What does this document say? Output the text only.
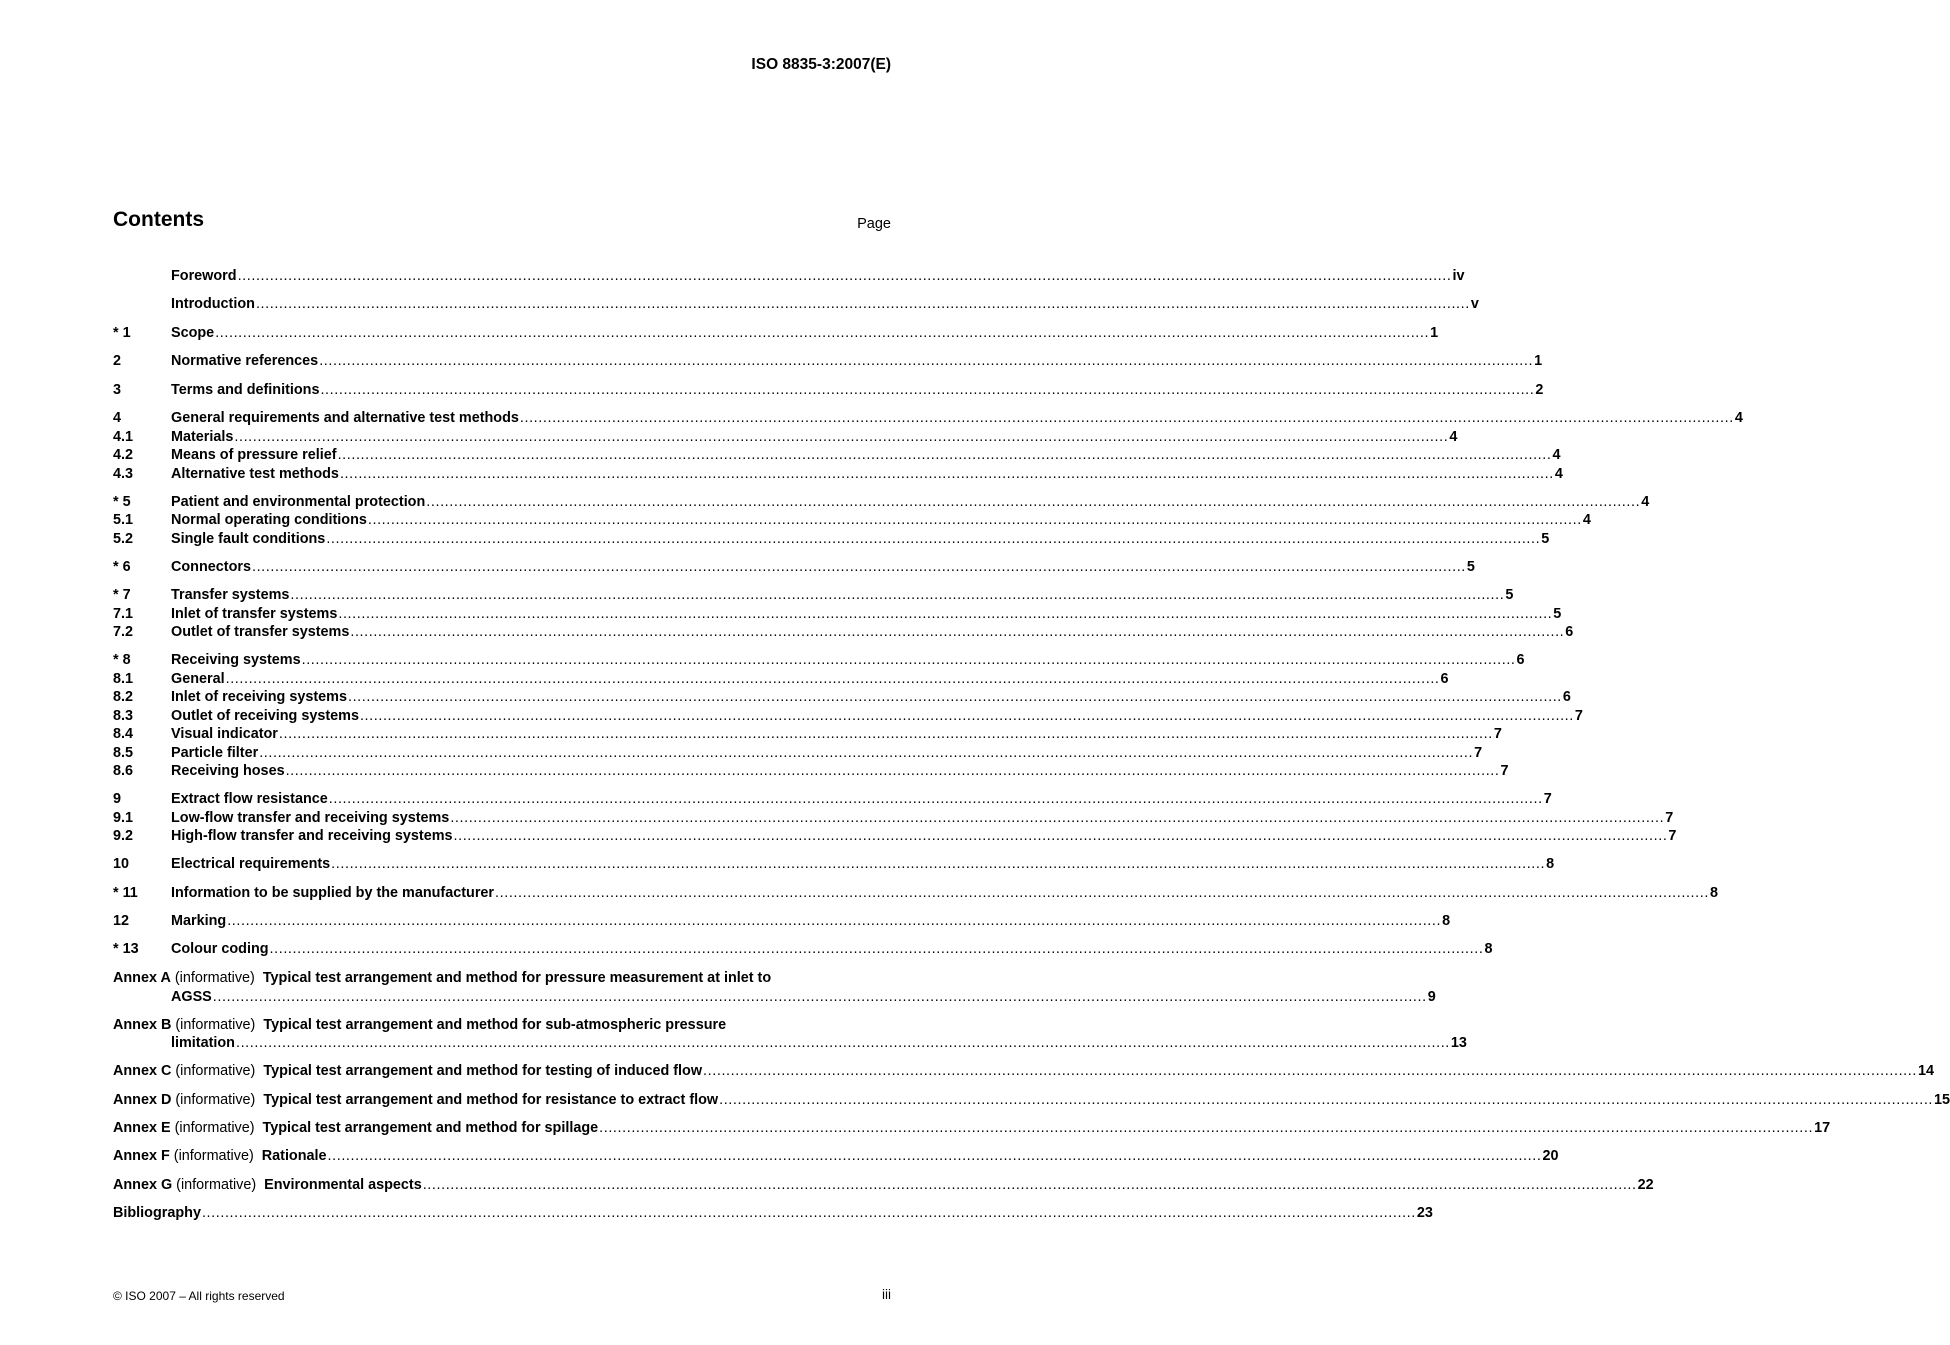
ISO 8835-3:2007(E)
Contents	Page
Foreword .....	iv
Introduction .....	v
* 1	Scope .....	1
2	Normative references .....	1
3	Terms and definitions .....	2
4	General requirements and alternative test methods .....	4
4.1	Materials .....	4
4.2	Means of pressure relief .....	4
4.3	Alternative test methods .....	4
* 5	Patient and environmental protection .....	4
5.1	Normal operating conditions .....	4
5.2	Single fault conditions .....	5
* 6	Connectors .....	5
* 7	Transfer systems .....	5
7.1	Inlet of transfer systems .....	5
7.2	Outlet of transfer systems .....	6
* 8	Receiving systems .....	6
8.1	General .....	6
8.2	Inlet of receiving systems .....	6
8.3	Outlet of receiving systems .....	7
8.4	Visual indicator .....	7
8.5	Particle filter .....	7
8.6	Receiving hoses .....	7
9	Extract flow resistance .....	7
9.1	Low-flow transfer and receiving systems .....	7
9.2	High-flow transfer and receiving systems .....	7
10	Electrical requirements .....	8
* 11	Information to be supplied by the manufacturer .....	8
12	Marking .....	8
* 13	Colour coding .....	8
Annex A (informative) Typical test arrangement and method for pressure measurement at inlet to
AGSS .....	9
Annex B (informative) Typical test arrangement and method for sub-atmospheric pressure
limitation .....	13
Annex C (informative) Typical test arrangement and method for testing of induced flow .....	14
Annex D (informative) Typical test arrangement and method for resistance to extract flow .....	15
Annex E (informative) Typical test arrangement and method for spillage .....	17
Annex F (informative) Rationale .....	20
Annex G (informative) Environmental aspects .....	22
Bibliography .....	23
© ISO 2007 – All rights reserved	iii
